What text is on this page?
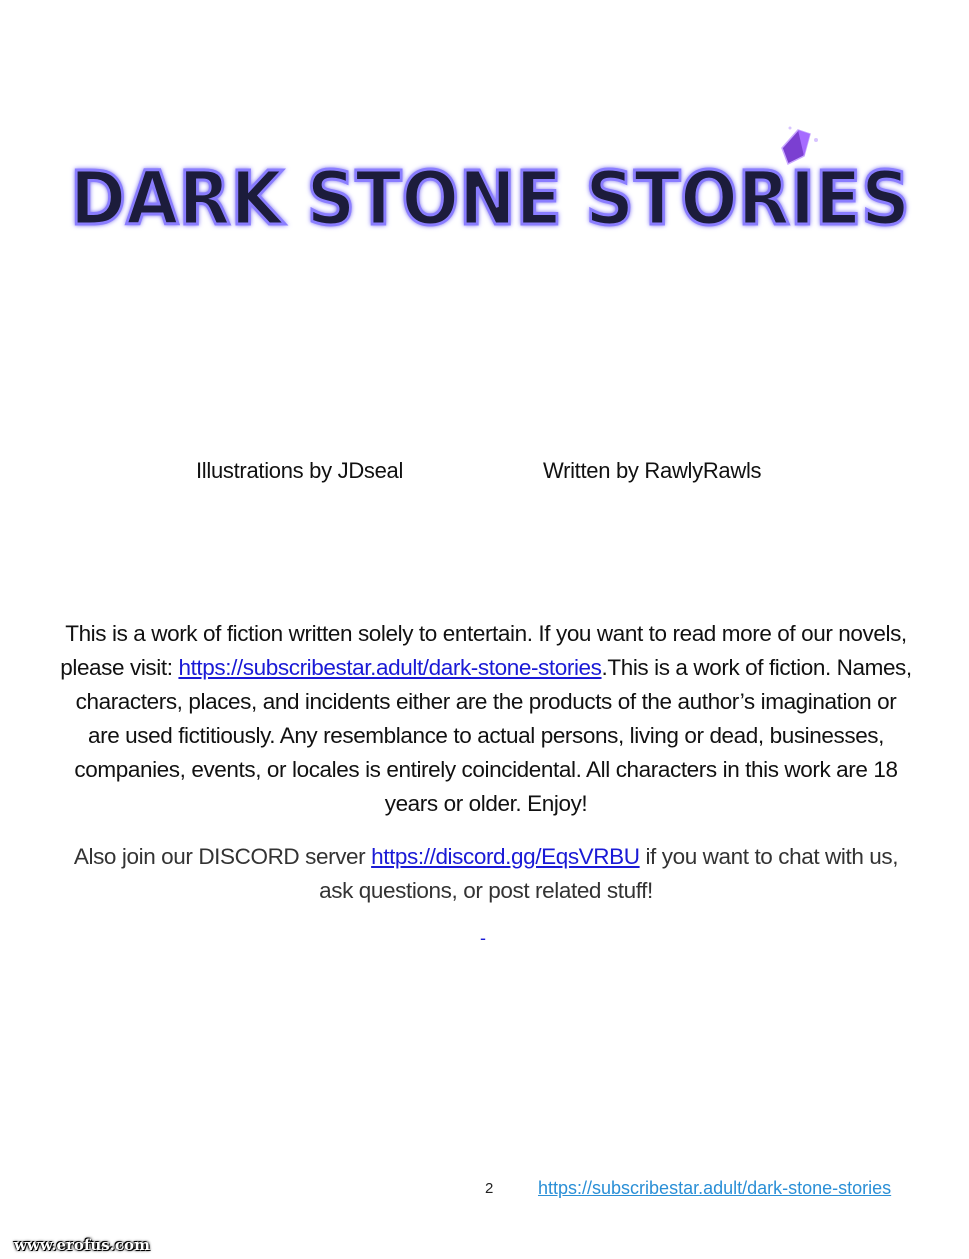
DARK STONE STORIES
Illustrations by JDseal	Written by RawlyRawls
This is a work of fiction written solely to entertain. If you want to read more of our novels, please visit: https://subscribestar.adult/dark-stone-stories.This is a work of fiction. Names, characters, places, and incidents either are the products of the author’s imagination or are used fictitiously. Any resemblance to actual persons, living or dead, businesses, companies, events, or locales is entirely coincidental. All characters in this work are 18 years or older. Enjoy!
Also join our DISCORD server https://discord.gg/EqsVRBU if you want to chat with us, ask questions, or post related stuff!
-
2 https://subscribestar.adult/dark-stone-stories
www.erofus.com
